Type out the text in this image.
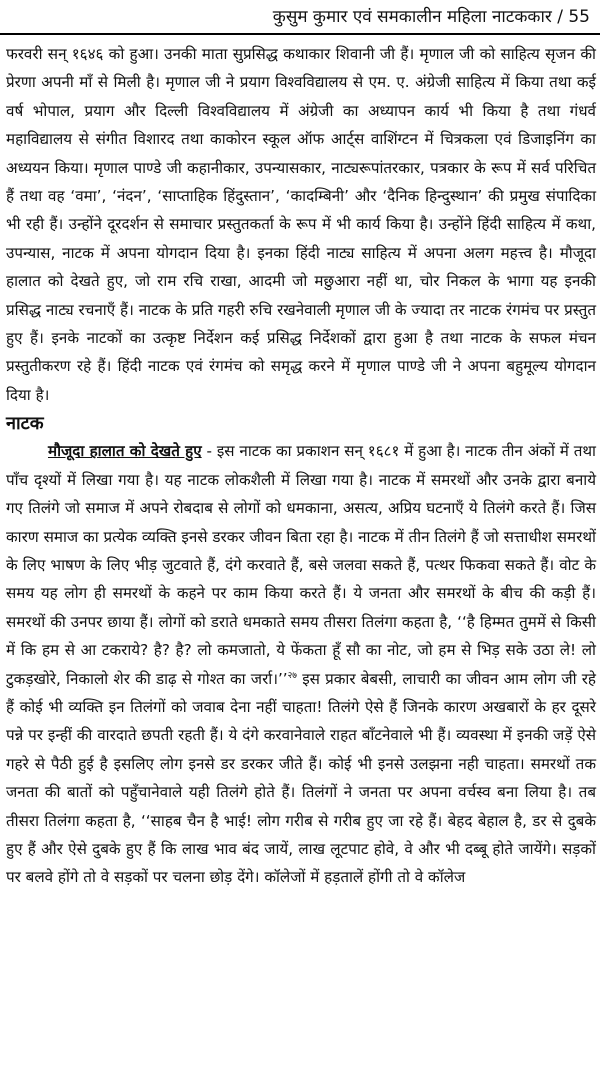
कुसुम कुमार एवं समकालीन महिला नाटककार / 55

फरवरी सन् १६४६ को हुआ। उनकी माता सुप्रसिद्ध कथाकार शिवानी जी हैं। मृणाल जी को साहित्य सृजन की प्रेरणा अपनी माँ से मिली है। मृणाल जी ने प्रयाग विश्वविद्यालय से एम. ए. अंग्रेजी साहित्य में किया तथा कई वर्ष भोपाल, प्रयाग और दिल्ली विश्वविद्यालय में अंग्रेजी का अध्यापन कार्य भी किया है तथा गंधर्व महाविद्यालय से संगीत विशारद तथा काकोरन स्कूल ऑफ आर्ट्स वाशिंग्टन में चित्रकला एवं डिजाइनिंग का अध्ययन किया। मृणाल पाण्डे जी कहानीकार, उपन्यासकार, नाट्यरूपांतरकार, पत्रकार के रूप में सर्व परिचित हैं तथा वह ‘वमा’, ‘नंदन’, ‘साप्ताहिक हिंदुस्तान’, ‘कादम्बिनी’ और ‘दैनिक हिन्दुस्थान’ की प्रमुख संपादिका भी रही हैं। उन्होंने दूरदर्शन से समाचार प्रस्तुतकर्ता के रूप में भी कार्य किया है। उन्होंने हिंदी साहित्य में कथा, उपन्यास, नाटक में अपना योगदान दिया है। इनका हिंदी नाट्य साहित्य में अपना अलग महत्त्व है। मौजूदा हालात को देखते हुए, जो राम रचि राखा, आदमी जो मछुआरा नहीं था, चोर निकल के भागा यह इनकी प्रसिद्ध नाट्य रचनाएँ हैं। नाटक के प्रति गहरी रुचि रखनेवाली मृणाल जी के ज्यादा तर नाटक रंगमंच पर प्रस्तुत हुए हैं। इनके नाटकों का उत्कृष्ट निर्देशन कई प्रसिद्ध निर्देशकों द्वारा हुआ है तथा नाटक के सफल मंचन प्रस्तुतीकरण रहे हैं। हिंदी नाटक एवं रंगमंच को समृद्ध करने में मृणाल पाण्डे जी ने अपना बहुमूल्य योगदान दिया है।

नाटक

मौजूदा हालात को देखते हुए - इस नाटक का प्रकाशन सन् १६८१ में हुआ है। नाटक तीन अंकों में तथा पाँच दृश्यों में लिखा गया है। यह नाटक लोकशैली में लिखा गया है। नाटक में समरथों और उनके द्वारा बनाये गए तिलंगे जो समाज में अपने रोबदाब से लोगों को धमकाना, असत्य, अप्रिय घटनाएँ ये तिलंगे करते हैं। जिस कारण समाज का प्रत्येक व्यक्ति इनसे डरकर जीवन बिता रहा है। नाटक में तीन तिलंगे हैं जो सत्ताधीश समरथों के लिए भाषण के लिए भीड़ जुटवाते हैं, दंगे करवाते हैं, बसे जलवा सकते हैं, पत्थर फिकवा सकते हैं। वोट के समय यह लोग ही समरथों के कहने पर काम किया करते हैं। ये जनता और समरथों के बीच की कड़ी हैं। समरथों की उनपर छाया हैं। लोगों को डराते धमकाते समय तीसरा तिलंगा कहता है, ‘‘है हिम्मत तुममें से किसी में कि हम से आ टकराये? है? है? लो कमजातो, ये फेंकता हूँ सौ का नोट, जो हम से भिड़ सके उठा ले! लो टुकड़खोरे, निकालो शेर की डाढ़ से गोश्त का जर्रा।’’$^{२७}$ इस प्रकार बेबसी, लाचारी का जीवन आम लोग जी रहे हैं कोई भी व्यक्ति इन तिलंगों को जवाब देना नहीं चाहता! तिलंगे ऐसे हैं जिनके कारण अखबारों के हर दूसरे पन्ने पर इन्हीं की वारदाते छपती रहती हैं। ये दंगे करवानेवाले राहत बाँटनेवाले भी हैं। व्यवस्था में इनकी जड़ें ऐसे गहरे से पैठी हुई है इसलिए लोग इनसे डर डरकर जीते हैं। कोई भी इनसे उलझना नही चाहता। समरथों तक जनता की बातों को पहुँचानेवाले यही तिलंगे होते हैं। तिलंगों ने जनता पर अपना वर्चस्व बना लिया है। तब तीसरा तिलंगा कहता है, ‘‘साहब चैन है भाई! लोग गरीब से गरीब हुए जा रहे हैं। बेहद बेहाल है, डर से दुबके हुए हैं और ऐसे दुबके हुए हैं कि लाख भाव बंद जायें, लाख लूटपाट होवे, वे और भी दब्बू होते जायेंगे। सड़कों पर बलवे होंगे तो वे सड़कों पर चलना छोड़ देंगे। कॉलेजों में हड़तालें होंगी तो वे कॉलेज
